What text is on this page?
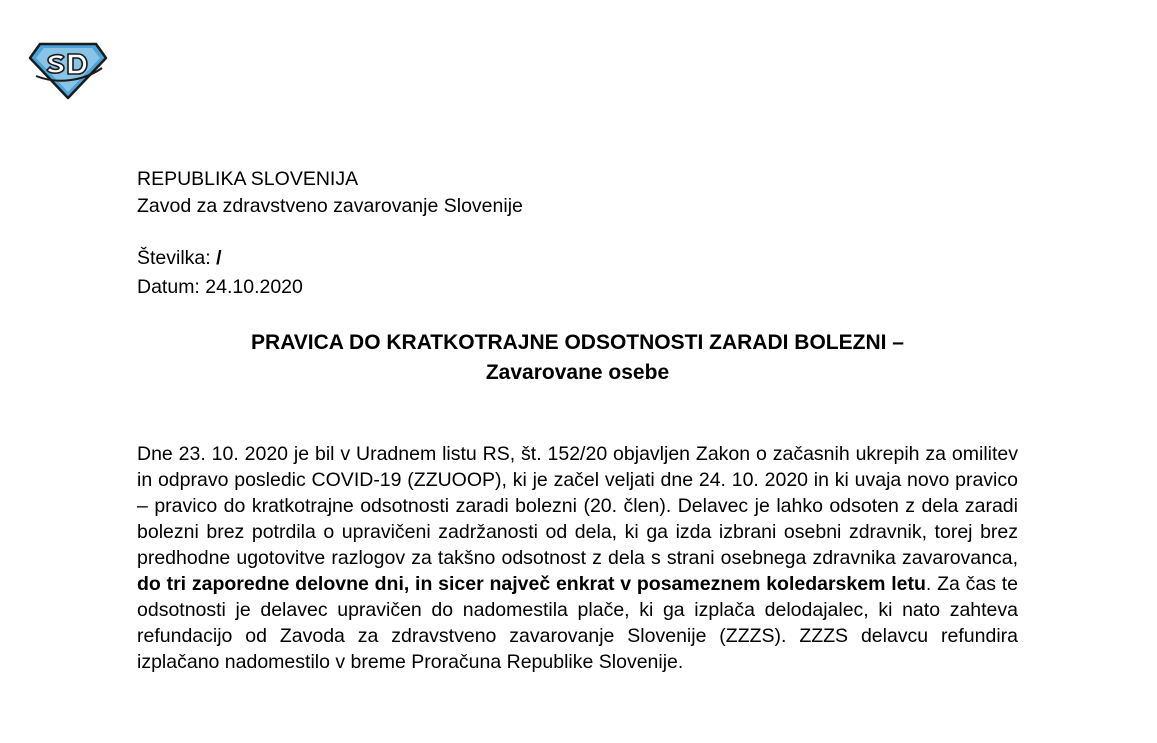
REPUBLIKA SLOVENIJA
Zavod za zdravstveno zavarovanje Slovenije
Številka: /
Datum: 24.10.2020
PRAVICA DO KRATKOTRAJNE ODSOTNOSTI ZARADI BOLEZNI –
Zavarovane osebe

Dne 23. 10. 2020 je bil v Uradnem listu RS, št. 152/20 objavljen Zakon o začasnih ukrepih za omilitev in odpravo posledic COVID-19 (ZZUOOP), ki je začel veljati dne 24. 10. 2020 in ki uvaja novo pravico – pravico do kratkotrajne odsotnosti zaradi bolezni (20. člen). Delavec je lahko odsoten z dela zaradi bolezni brez potrdila o upravičeni zadržanosti od dela, ki ga izda izbrani osebni zdravnik, torej brez predhodne ugotovitve razlogov za takšno odsotnost z dela s strani osebnega zdravnika zavarovanca, do tri zaporedne delovne dni, in sicer največ enkrat v posameznem koledarskem letu. Za čas te odsotnosti je delavec upravičen do nadomestila plače, ki ga izplača delodajalec, ki nato zahteva refundacijo od Zavoda za zdravstveno zavarovanje Slovenije (ZZZS). ZZZS delavcu refundira izplačano nadomestilo v breme Proračuna Republike Slovenije.
